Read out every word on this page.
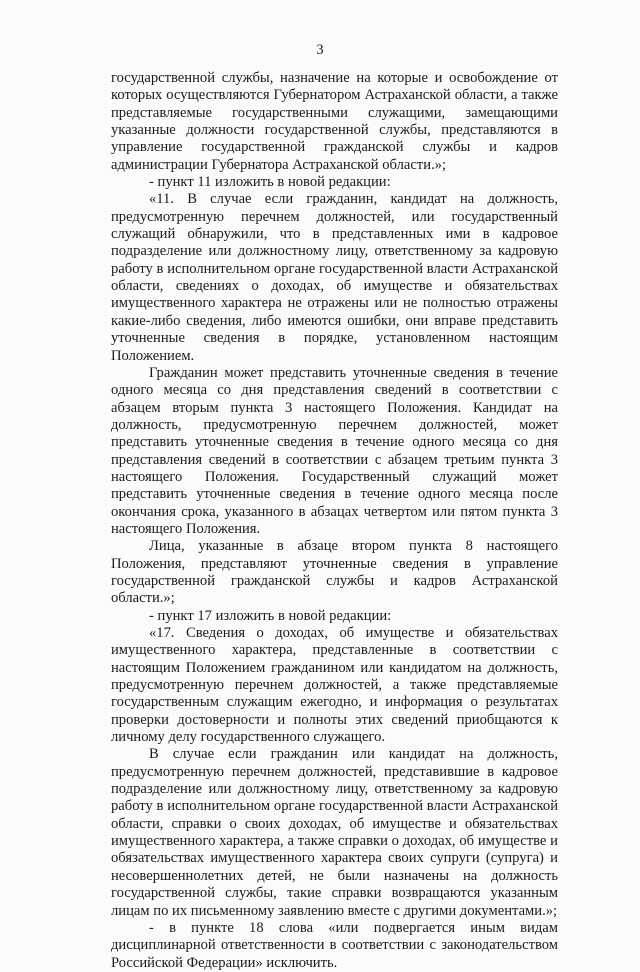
3

государственной службы, назначение на которые и освобождение от которых осуществляются Губернатором Астраханской области, а также представляемые государственными служащими, замещающими указанные должности государственной службы, представляются в управление государственной гражданской службы и кадров администрации Губернатора Астраханской области.»;

- пункт 11 изложить в новой редакции:

«11. В случае если гражданин, кандидат на должность, предусмотренную перечнем должностей, или государственный служащий обнаружили, что в представленных ими в кадровое подразделение или должностному лицу, ответственному за кадровую работу в исполнительном органе государственной власти Астраханской области, сведениях о доходах, об имуществе и обязательствах имущественного характера не отражены или не полностью отражены какие-либо сведения, либо имеются ошибки, они вправе представить уточненные сведения в порядке, установленном настоящим Положением.

Гражданин может представить уточненные сведения в течение одного месяца со дня представления сведений в соответствии с абзацем вторым пункта 3 настоящего Положения. Кандидат на должность, предусмотренную перечнем должностей, может представить уточненные сведения в течение одного месяца со дня представления сведений в соответствии с абзацем третьим пункта 3 настоящего Положения. Государственный служащий может представить уточненные сведения в течение одного месяца после окончания срока, указанного в абзацах четвертом или пятом пункта 3 настоящего Положения.

Лица, указанные в абзаце втором пункта 8 настоящего Положения, представляют уточненные сведения в управление государственной гражданской службы и кадров Астраханской области.»;

- пункт 17 изложить в новой редакции:

«17. Сведения о доходах, об имуществе и обязательствах имущественного характера, представленные в соответствии с настоящим Положением гражданином или кандидатом на должность, предусмотренную перечнем должностей, а также представляемые государственным служащим ежегодно, и информация о результатах проверки достоверности и полноты этих сведений приобщаются к личному делу государственного служащего.

В случае если гражданин или кандидат на должность, предусмотренную перечнем должностей, представившие в кадровое подразделение или должностному лицу, ответственному за кадровую работу в исполнительном органе государственной власти Астраханской области, справки о своих доходах, об имуществе и обязательствах имущественного характера, а также справки о доходах, об имуществе и обязательствах имущественного характера своих супруги (супруга) и несовершеннолетних детей, не были назначены на должность государственной службы, такие справки возвращаются указанным лицам по их письменному заявлению вместе с другими документами.»;

- в пункте 18 слова «или подвергается иным видам дисциплинарной ответственности в соответствии с законодательством Российской Федерации» исключить.
